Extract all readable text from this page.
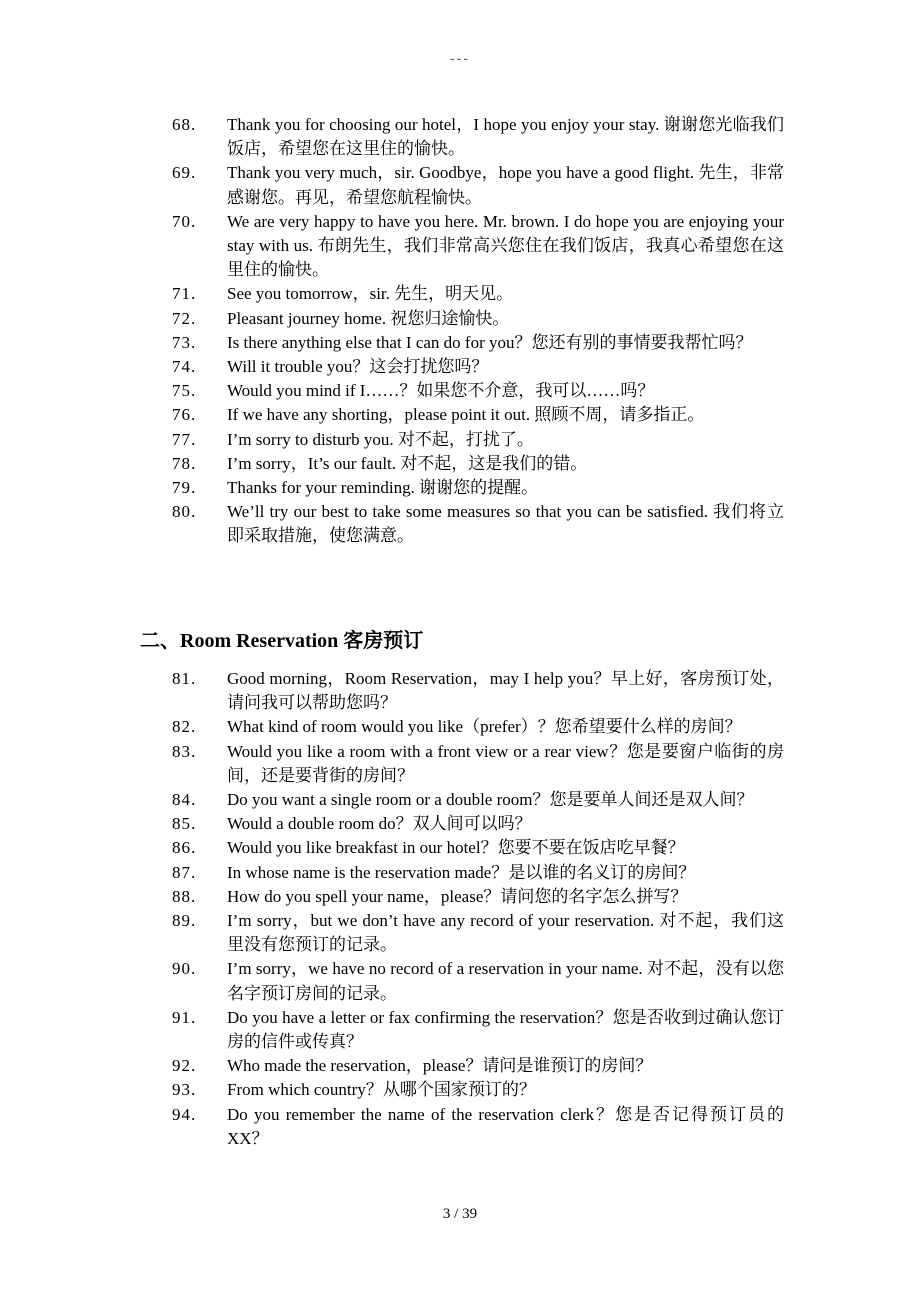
---
68.	Thank you for choosing our hotel，I hope you enjoy your stay. 谢谢您光临我们饭店，希望您在这里住的愉快。
69.	Thank you very much，sir. Goodbye，hope you have a good flight. 先生，非常感谢您。再见，希望您航程愉快。
70.	We are very happy to have you here. Mr. brown. I do hope you are enjoying your stay with us. 布朗先生，我们非常高兴您住在我们饭店，我真心希望您在这里住的愉快。
71.	See you tomorrow，sir. 先生，明天见。
72.	Pleasant journey home. 祝您归途愉快。
73.	Is there anything else that I can do for you？您还有别的事情要我帮忙吗？
74.	Will it trouble you？这会打扰您吗？
75.	Would you mind if I……？如果您不介意，我可以……吗？
76.	If we have any shorting，please point it out. 照顾不周，请多指正。
77.	I’m sorry to disturb you. 对不起，打扰了。
78.	I’m sorry，It’s our fault. 对不起，这是我们的错。
79.	Thanks for your reminding. 谢谢您的提醒。
80.	We’ll try our best to take some measures so that you can be satisfied. 我们将立即采取措施，使您满意。
二、Room Reservation 客房预订
81.	Good morning，Room Reservation，may I help you？早上好，客房预订处，请问我可以帮助您吗？
82.	What kind of room would you like（prefer）？您希望要什么样的房间？
83.	Would you like a room with a front view or a rear view？您是要窗户临街的房间，还是要背街的房间？
84.	Do you want a single room or a double room？您是要单人间还是双人间？
85.	Would a double room do？双人间可以吗？
86.	Would you like breakfast in our hotel？您要不要在饭店吃早餐？
87.	In whose name is the reservation made？是以谁的名义订的房间？
88.	How do you spell your name，please？请问您的名字怎么拼写？
89.	I’m sorry，but we don’t have any record of your reservation. 对不起，我们这里没有您预订的记录。
90.	I’m sorry，we have no record of a reservation in your name. 对不起，没有以您名字预订房间的记录。
91.	Do you have a letter or fax confirming the reservation？您是否收到过确认您订房的信件或传真？
92.	Who made the reservation，please？请问是谁预订的房间？
93.	From which country？从哪个国家预订的？
94.	Do you remember the name of the reservation clerk？您是否记得预订员的XX？
3 / 39
